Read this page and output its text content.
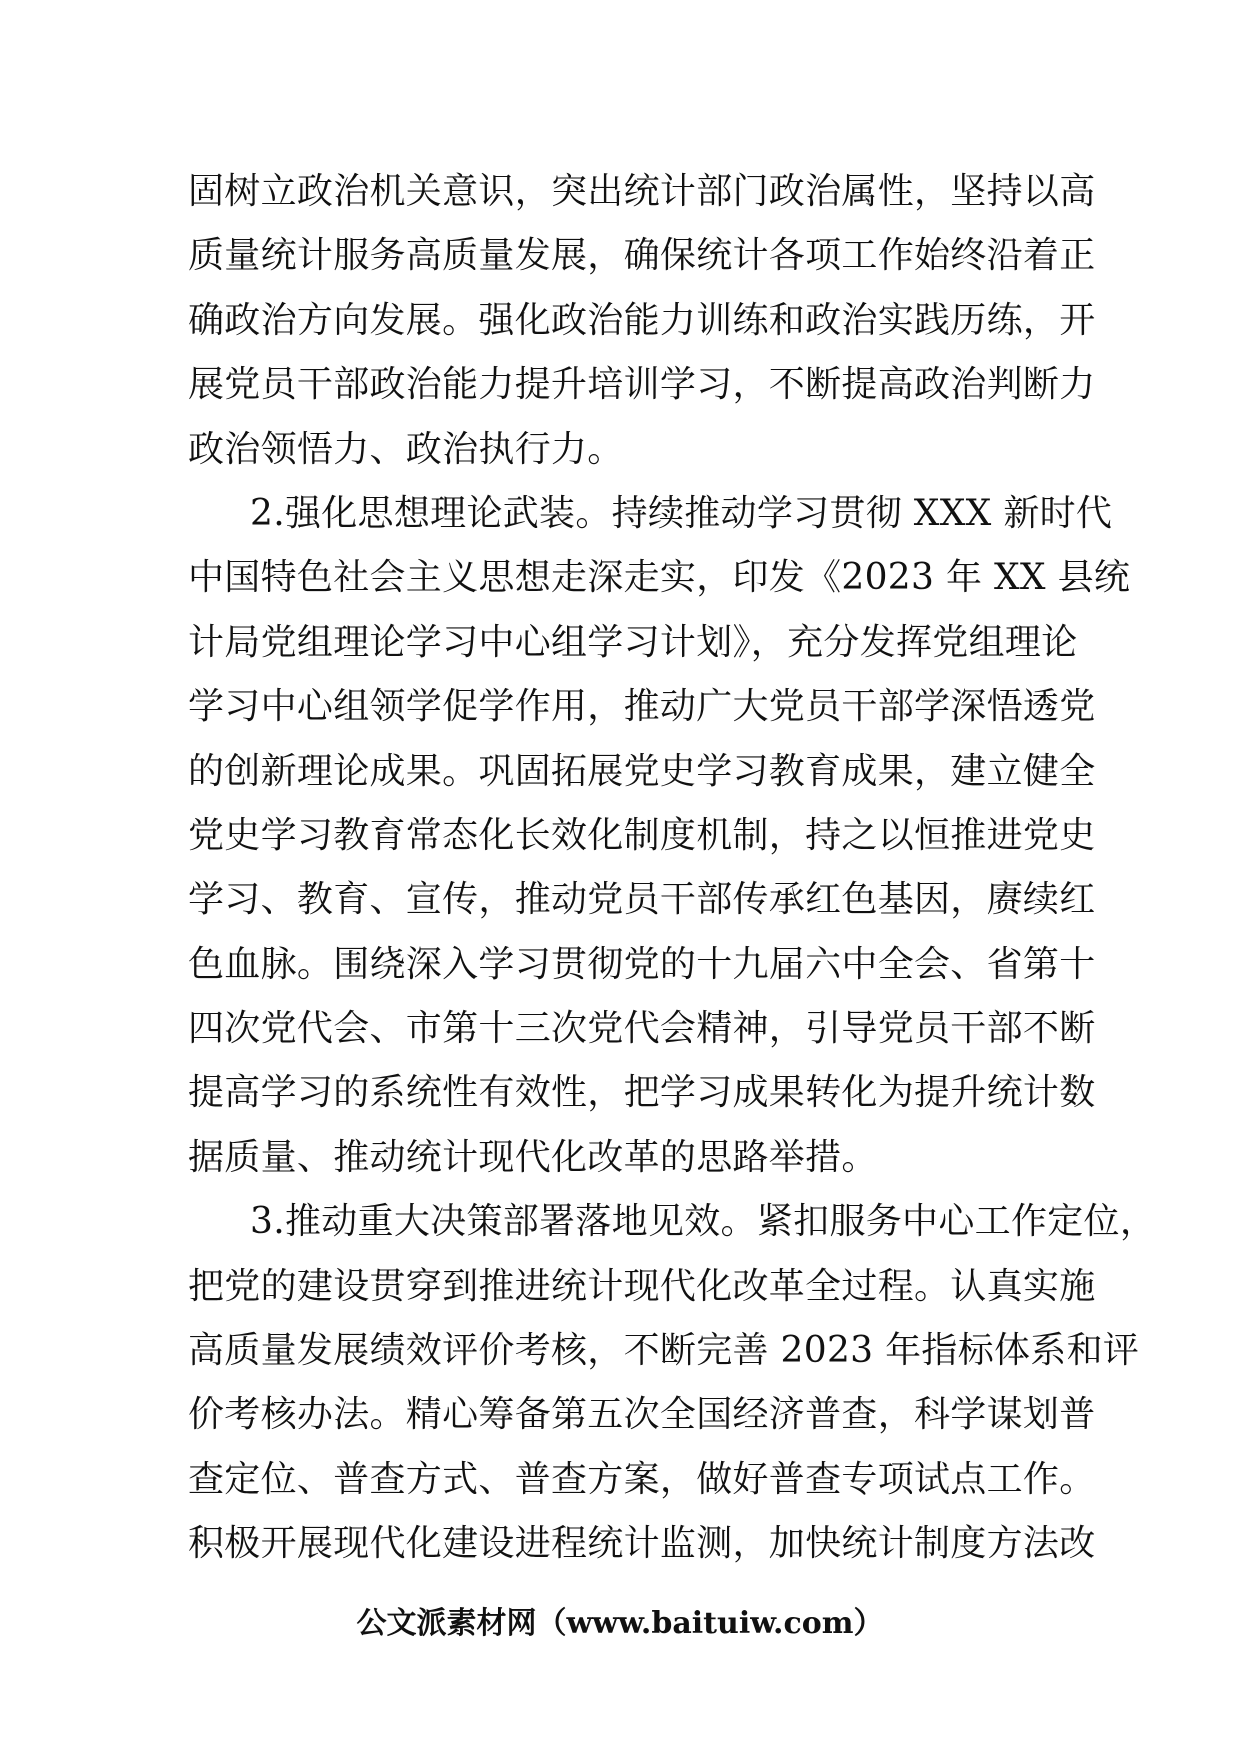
固树立政治机关意识，突出统计部门政治属性，坚持以高
质量统计服务高质量发展，确保统计各项工作始终沿着正
确政治方向发展。强化政治能力训练和政治实践历练，开
展党员干部政治能力提升培训学习，不断提高政治判断力
政治领悟力、政治执行力。
2.强化思想理论武装。持续推动学习贯彻 XXX 新时代
中国特色社会主义思想走深走实，印发《2023 年 XX 县统
计局党组理论学习中心组学习计划》，充分发挥党组理论
学习中心组领学促学作用，推动广大党员干部学深悟透党
的创新理论成果。巩固拓展党史学习教育成果，建立健全
党史学习教育常态化长效化制度机制，持之以恒推进党史
学习、教育、宣传，推动党员干部传承红色基因，赓续红
色血脉。围绕深入学习贯彻党的十九届六中全会、省第十
四次党代会、市第十三次党代会精神，引导党员干部不断
提高学习的系统性有效性，把学习成果转化为提升统计数
据质量、推动统计现代化改革的思路举措。
3.推动重大决策部署落地见效。紧扣服务中心工作定位，
把党的建设贯穿到推进统计现代化改革全过程。认真实施
高质量发展绩效评价考核，不断完善 2023 年指标体系和评
价考核办法。精心筹备第五次全国经济普查，科学谋划普
查定位、普查方式、普查方案，做好普查专项试点工作。
积极开展现代化建设进程统计监测，加快统计制度方法改
公文派素材网（www.baituiw.com）
